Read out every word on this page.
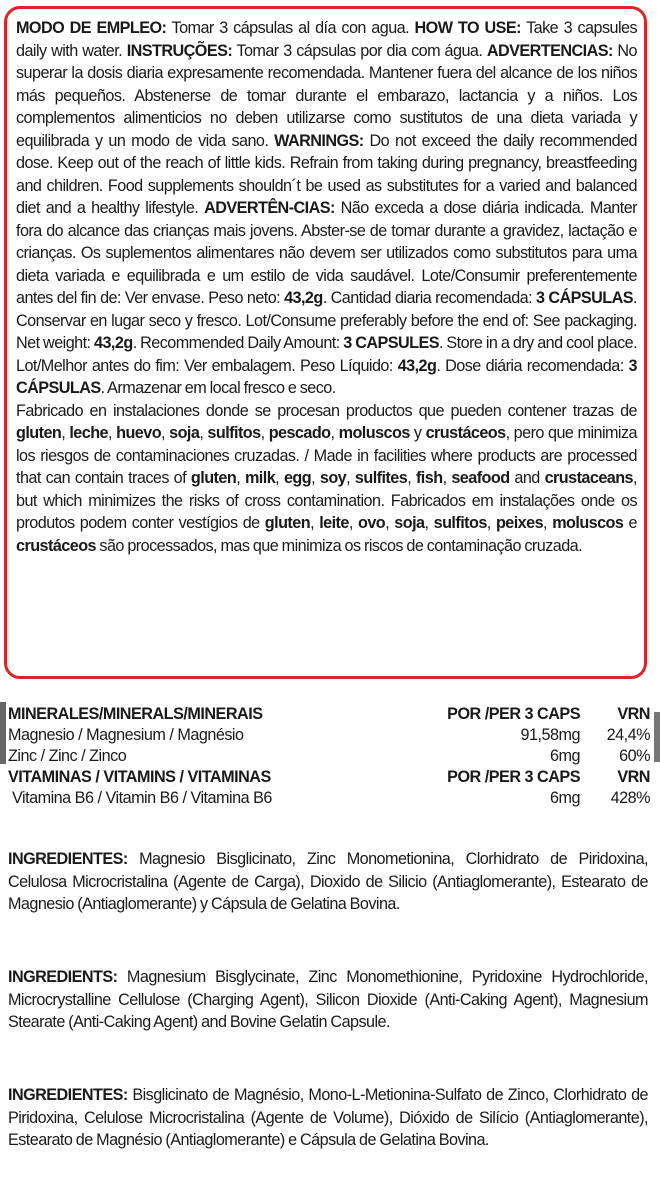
MODO DE EMPLEO: Tomar 3 cápsulas al día con agua. HOW TO USE: Take 3 capsules daily with water. INSTRUÇÕES: Tomar 3 cápsulas por dia com água. ADVERTENCIAS: No superar la dosis diaria expresamente recomendada. Mantener fuera del alcance de los niños más pequeños. Abstenerse de tomar durante el embarazo, lactancia y a niños. Los complementos alimenticios no deben utilizarse como sustitutos de una dieta variada y equilibrada y un modo de vida sano. WARNINGS: Do not exceed the daily recommended dose. Keep out of the reach of little kids. Refrain from taking during pregnancy, breastfeeding and children. Food supplements shouldn´t be used as substitutes for a varied and balanced diet and a healthy lifestyle. ADVERTÊN-CIAS: Não exceda a dose diária indicada. Manter fora do alcance das crianças mais jovens. Abster-se de tomar durante a gravidez, lactação e crianças. Os suplementos alimentares não devem ser utilizados como substitutos para uma dieta variada e equilibrada e um estilo de vida saudável. Lote/Consumir preferentemente antes del fin de: Ver envase. Peso neto: 43,2g. Cantidad diaria recomendada: 3 CÁPSULAS. Conservar en lugar seco y fresco. Lot/Consume preferably before the end of: See packaging. Net weight: 43,2g. Recommended Daily Amount: 3 CAPSULES. Store in a dry and cool place. Lot/Melhor antes do fim: Ver embalagem. Peso Líquido: 43,2g. Dose diária recomendada: 3 CÁPSULAS. Armazenar em local fresco e seco.

Fabricado en instalaciones donde se procesan productos que pueden contener trazas de gluten, leche, huevo, soja, sulfitos, pescado, moluscos y crustáceos, pero que minimiza los riesgos de contaminaciones cruzadas. / Made in facilities where products are processed that can contain traces of gluten, milk, egg, soy, sulfites, fish, seafood and crustaceans, but which minimizes the risks of cross contamination. Fabricados em instalações onde os produtos podem conter vestígios de gluten, leite, ovo, soja, sulfitos, peixes, moluscos e crustáceos são processados, mas que minimiza os riscos de contaminação cruzada.

MINERALES/MINERALS/MINERAIS	POR /PER 3 CAPS	VRN
Magnesio / Magnesium / Magnésio	91,58mg	24,4%
Zinc / Zinc / Zinco	6mg	60%
VITAMINAS / VITAMINS / VITAMINAS	POR /PER 3 CAPS	VRN
Vitamina B6 / Vitamin B6 / Vitamina B6	6mg	428%

INGREDIENTES: Magnesio Bisglicinato, Zinc Monometionina, Clorhidrato de Piridoxina, Celulosa Microcristalina (Agente de Carga), Dioxido de Silicio (Antiaglomerante), Estearato de Magnesio (Antiaglomerante) y Cápsula de Gelatina Bovina.

INGREDIENTS: Magnesium Bisglycinate, Zinc Monomethionine, Pyridoxine Hydrochloride, Microcrystalline Cellulose (Charging Agent), Silicon Dioxide (Anti-Caking Agent), Magnesium Stearate (Anti-Caking Agent) and Bovine Gelatin Capsule.

INGREDIENTES: Bisglicinato de Magnésio, Mono-L-Metionina-Sulfato de Zinco, Clorhidrato de Piridoxina, Celulose Microcristalina (Agente de Volume), Dióxido de Silício (Antiaglomerante), Estearato de Magnésio (Antiaglomerante) e Cápsula de Gelatina Bovina.
